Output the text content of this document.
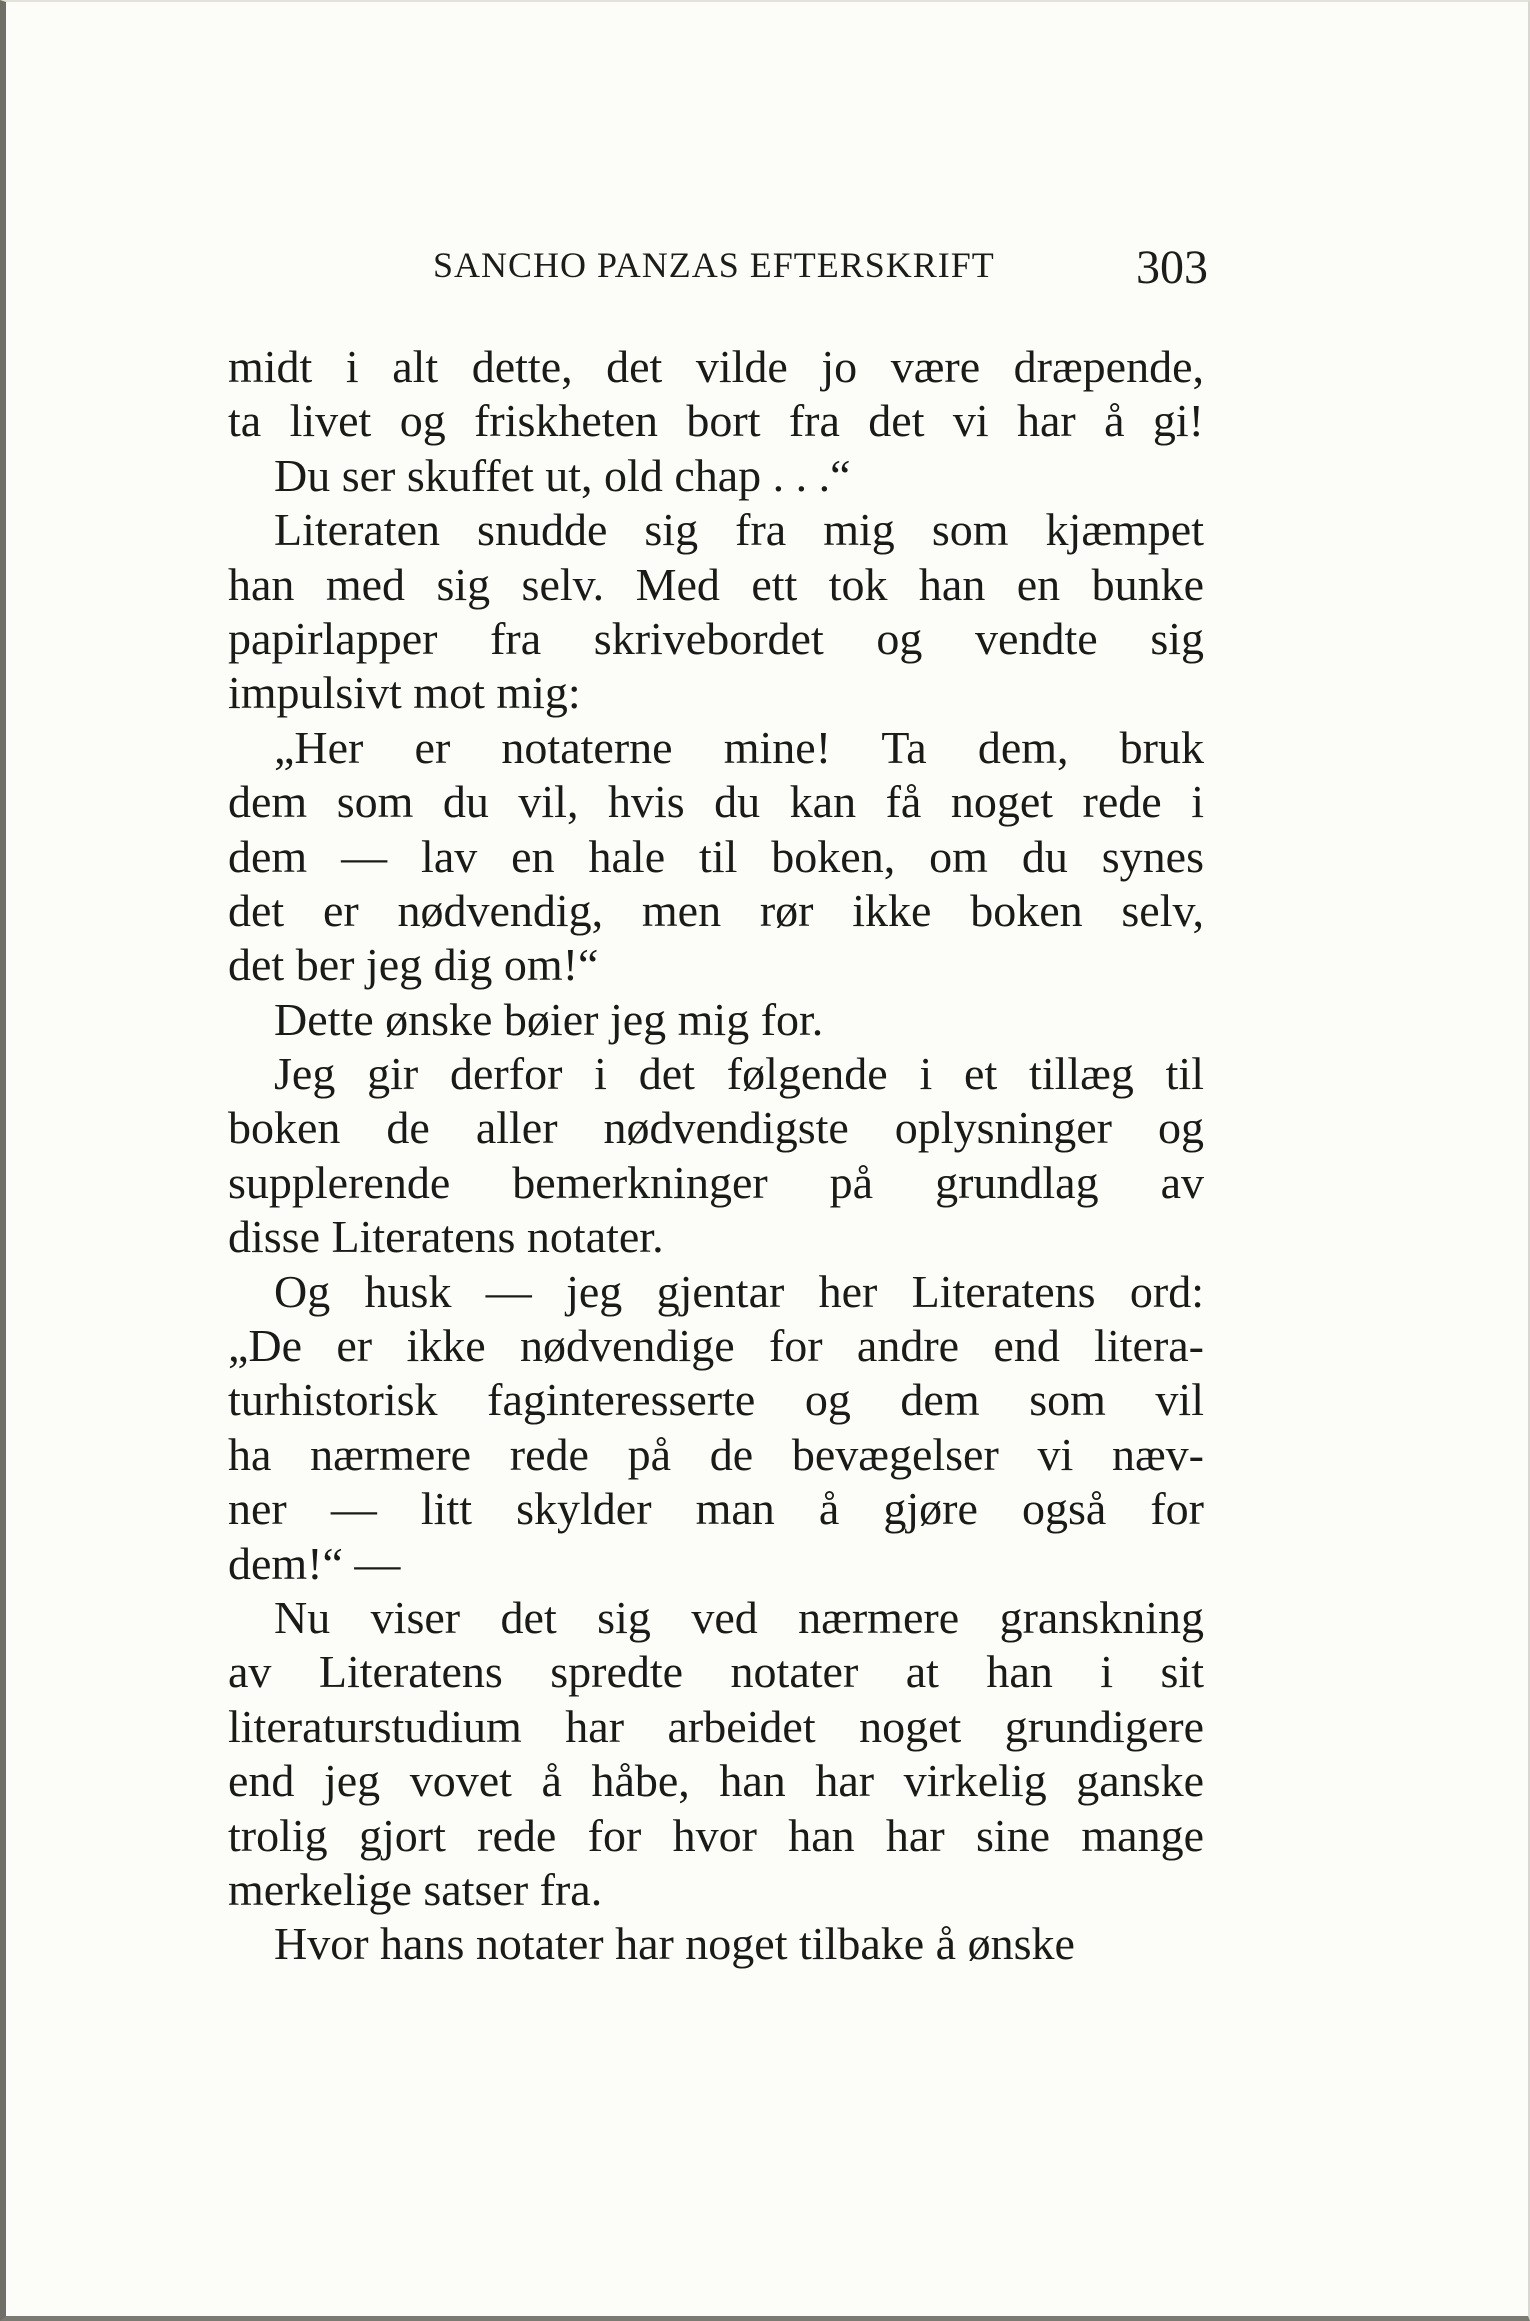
SANCHO PANZAS EFTERSKRIFT	303
midt i alt dette, det vilde jo være dræpende,
ta livet og friskheten bort fra det vi har å gi!
Du ser skuffet ut, old chap . . .“
Literaten snudde sig fra mig som kjæmpet
han med sig selv. Med ett tok han en bunke
papirlapper fra skrivebordet og vendte sig
impulsivt mot mig:
„Her er notaterne mine! Ta dem, bruk
dem som du vil, hvis du kan få noget rede i
dem — lav en hale til boken, om du synes
det er nødvendig, men rør ikke boken selv,
det ber jeg dig om!“
Dette ønske bøier jeg mig for.
Jeg gir derfor i det følgende i et tillæg til
boken de aller nødvendigste oplysninger og
supplerende bemerkninger på grundlag av
disse Literatens notater.
Og husk — jeg gjentar her Literatens ord:
„De er ikke nødvendige for andre end litera-
turhistorisk faginteresserte og dem som vil
ha nærmere rede på de bevægelser vi næv-
ner — litt skylder man å gjøre også for
dem!“ —
Nu viser det sig ved nærmere granskning
av Literatens spredte notater at han i sit
literaturstudium har arbeidet noget grundigere
end jeg vovet å håbe, han har virkelig ganske
trolig gjort rede for hvor han har sine mange
merkelige satser fra.
Hvor hans notater har noget tilbake å ønske
